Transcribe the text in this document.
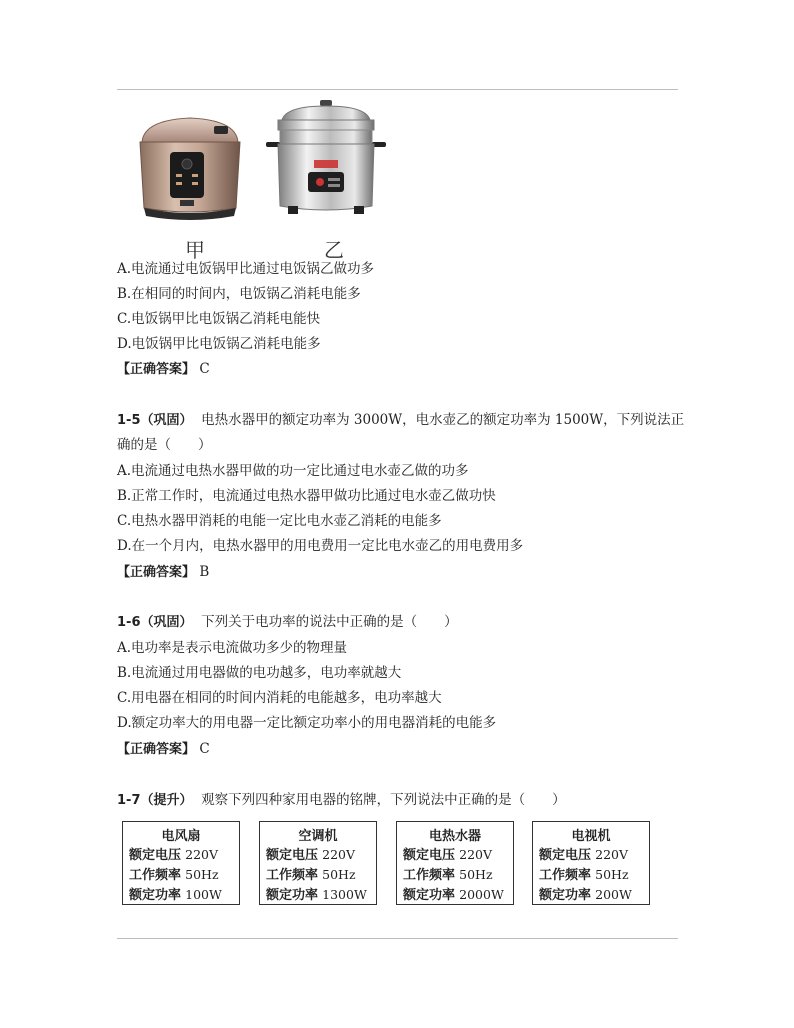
甲	乙
A.电流通过电饭锅甲比通过电饭锅乙做功多
B.在相同的时间内，电饭锅乙消耗电能多
C.电饭锅甲比电饭锅乙消耗电能快
D.电饭锅甲比电饭锅乙消耗电能多
【正确答案】 C
1-5（巩固） 电热水器甲的额定功率为 3000W，电水壶乙的额定功率为 1500W，下列说法正
确的是（　　）
A.电流通过电热水器甲做的功一定比通过电水壶乙做的功多
B.正常工作时，电流通过电热水器甲做功比通过电水壶乙做功快
C.电热水器甲消耗的电能一定比电水壶乙消耗的电能多
D.在一个月内，电热水器甲的用电费用一定比电水壶乙的用电费用多
【正确答案】 B
1-6（巩固） 下列关于电功率的说法中正确的是（　　）
A.电功率是表示电流做功多少的物理量
B.电流通过用电器做的电功越多，电功率就越大
C.用电器在相同的时间内消耗的电能越多，电功率越大
D.额定功率大的用电器一定比额定功率小的用电器消耗的电能多
【正确答案】 C
1-7（提升） 观察下列四种家用电器的铭牌，下列说法中正确的是（　　）
电风扇
额定电压 220V
工作频率 50Hz
额定功率 100W
空调机
额定电压 220V
工作频率 50Hz
额定功率 1300W
电热水器
额定电压 220V
工作频率 50Hz
额定功率 2000W
电视机
额定电压 220V
工作频率 50Hz
额定功率 200W
